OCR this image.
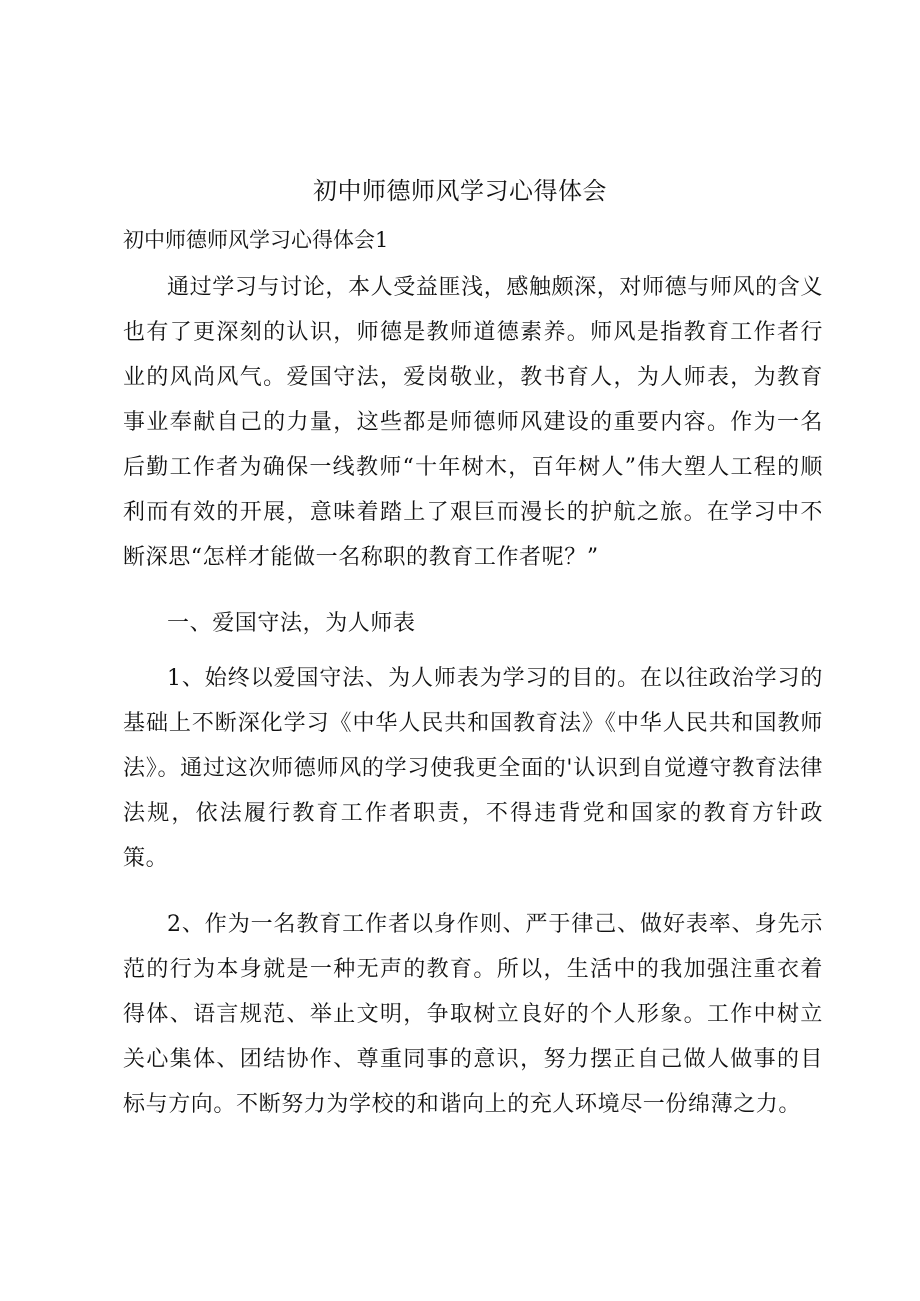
初中师德师风学习心得体会
初中师德师风学习心得体会1

通过学习与讨论，本人受益匪浅，感触颇深，对师德与师风的含义也有了更深刻的认识，师德是教师道德素养。师风是指教育工作者行业的风尚风气。爱国守法，爱岗敬业，教书育人，为人师表，为教育事业奉献自己的力量，这些都是师德师风建设的重要内容。作为一名后勤工作者为确保一线教师“十年树木，百年树人”伟大塑人工程的顺利而有效的开展，意味着踏上了艰巨而漫长的护航之旅。在学习中不断深思“怎样才能做一名称职的教育工作者呢？”

一、爱国守法，为人师表

1、始终以爱国守法、为人师表为学习的目的。在以往政治学习的基础上不断深化学习《中华人民共和国教育法》《中华人民共和国教师法》。通过这次师德师风的学习使我更全面的'认识到自觉遵守教育法律法规，依法履行教育工作者职责，不得违背党和国家的教育方针政策。

2、作为一名教育工作者以身作则、严于律己、做好表率、身先示范的行为本身就是一种无声的教育。所以，生活中的我加强注重衣着得体、语言规范、举止文明，争取树立良好的个人形象。工作中树立关心集体、团结协作、尊重同事的意识，努力摆正自己做人做事的目标与方向。不断努力为学校的和谐向上的充人环境尽一份绵薄之力。
